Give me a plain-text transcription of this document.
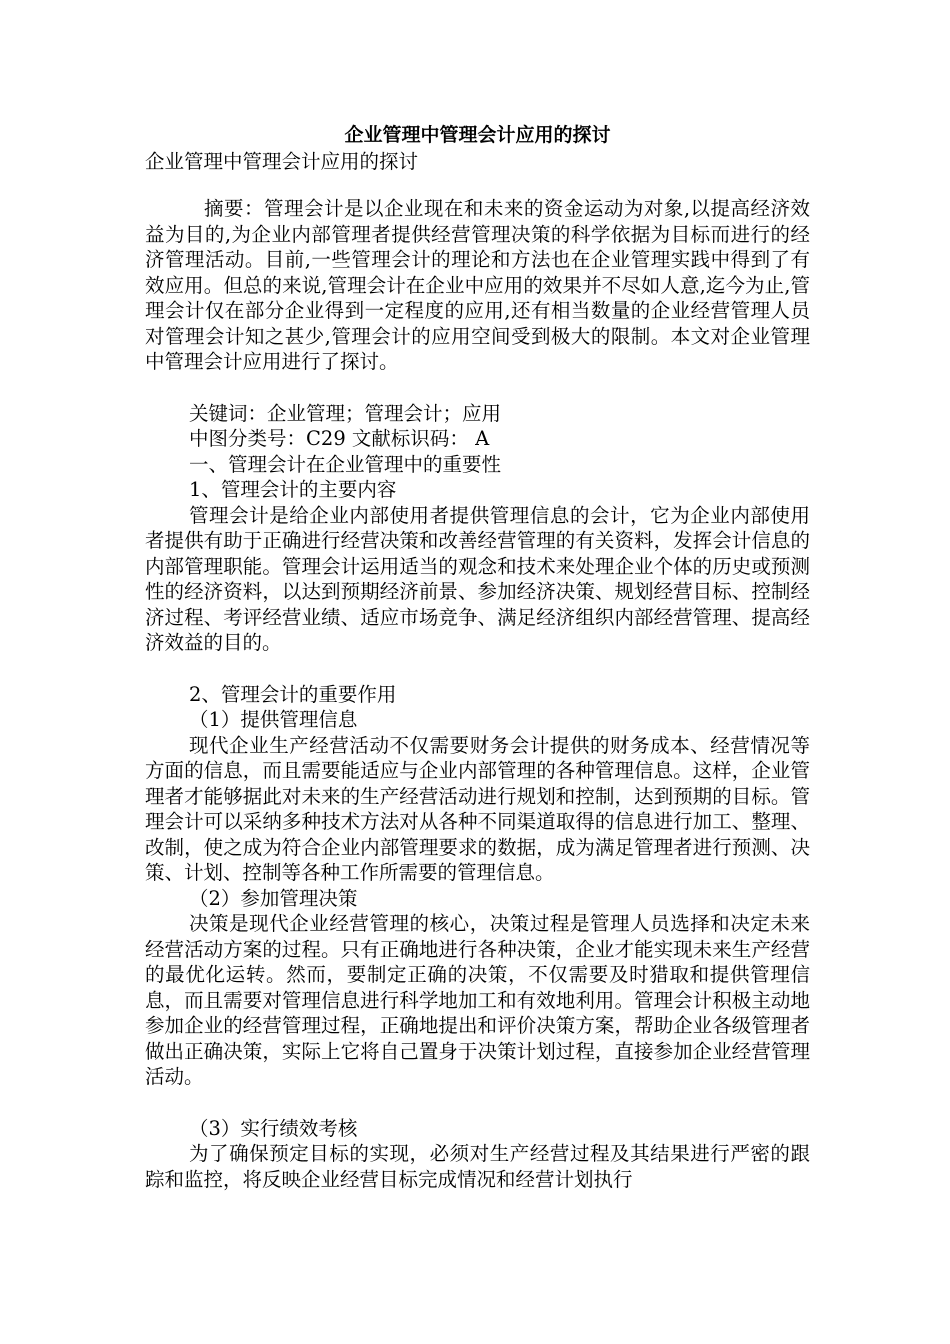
企业管理中管理会计应用的探讨

企业管理中管理会计应用的探讨

摘要：管理会计是以企业现在和未来的资金运动为对象,以提高经济效益为目的,为企业内部管理者提供经营管理决策的科学依据为目标而进行的经济管理活动。目前,一些管理会计的理论和方法也在企业管理实践中得到了有效应用。但总的来说,管理会计在企业中应用的效果并不尽如人意,迄今为止,管理会计仅在部分企业得到一定程度的应用,还有相当数量的企业经营管理人员对管理会计知之甚少,管理会计的应用空间受到极大的限制。本文对企业管理中管理会计应用进行了探讨。

关键词：企业管理；管理会计；应用

中图分类号：C29 文献标识码： A

一、管理会计在企业管理中的重要性

1、管理会计的主要内容

管理会计是给企业内部使用者提供管理信息的会计，它为企业内部使用者提供有助于正确进行经营决策和改善经营管理的有关资料，发挥会计信息的内部管理职能。管理会计运用适当的观念和技术来处理企业个体的历史或预测性的经济资料，以达到预期经济前景、参加经济决策、规划经营目标、控制经济过程、考评经营业绩、适应市场竞争、满足经济组织内部经营管理、提高经济效益的目的。

2、管理会计的重要作用

（1）提供管理信息

现代企业生产经营活动不仅需要财务会计提供的财务成本、经营情况等方面的信息，而且需要能适应与企业内部管理的各种管理信息。这样，企业管理者才能够据此对未来的生产经营活动进行规划和控制，达到预期的目标。管理会计可以采纳多种技术方法对从各种不同渠道取得的信息进行加工、整理、改制，使之成为符合企业内部管理要求的数据，成为满足管理者进行预测、决策、计划、控制等各种工作所需要的管理信息。

（2）参加管理决策

决策是现代企业经营管理的核心，决策过程是管理人员选择和决定未来经营活动方案的过程。只有正确地进行各种决策，企业才能实现未来生产经营的最优化运转。然而，要制定正确的决策，不仅需要及时猎取和提供管理信息，而且需要对管理信息进行科学地加工和有效地利用。管理会计积极主动地参加企业的经营管理过程，正确地提出和评价决策方案，帮助企业各级管理者做出正确决策，实际上它将自己置身于决策计划过程，直接参加企业经营管理活动。

（3）实行绩效考核

为了确保预定目标的实现，必须对生产经营过程及其结果进行严密的跟踪和监控，将反映企业经营目标完成情况和经营计划执行
